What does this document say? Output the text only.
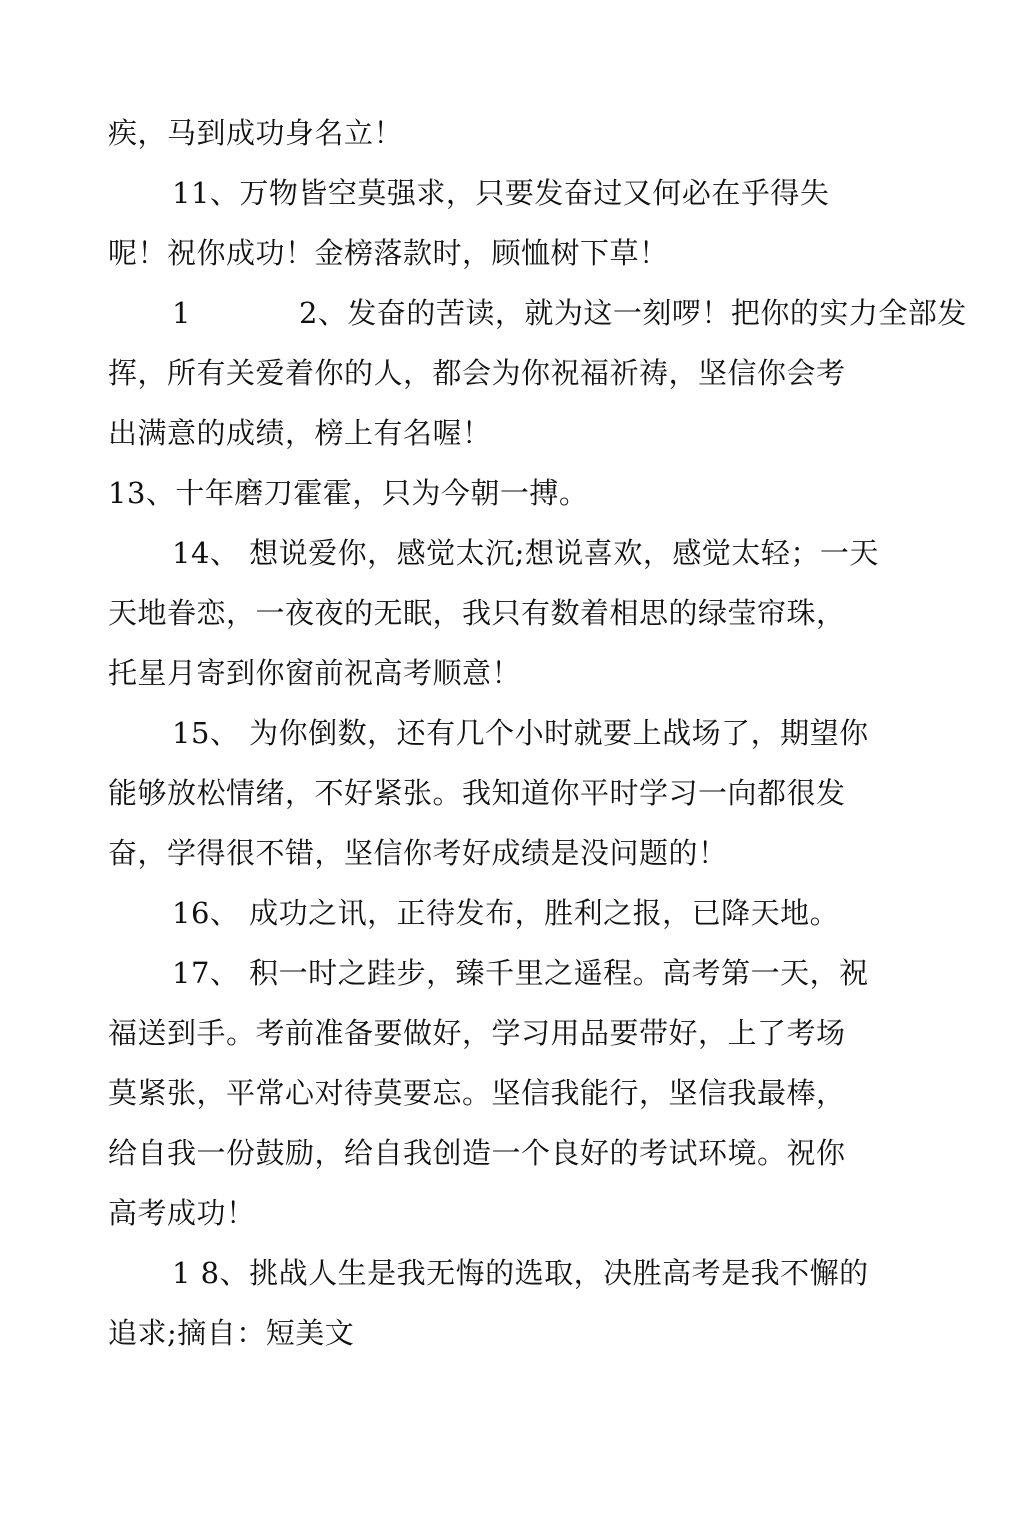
疾，马到成功身名立！
11、万物皆空莫强求，只要发奋过又何必在乎得失
呢！祝你成功！金榜落款时，顾恤树下草！
1	2、发奋的苦读，就为这一刻啰！把你的实力全部发
挥，所有关爱着你的人，都会为你祝福祈祷，坚信你会考
出满意的成绩，榜上有名喔！
13、十年磨刀霍霍，只为今朝一搏。
14、 想说爱你，感觉太沉;想说喜欢，感觉太轻；一天
天地眷恋，一夜夜的无眠，我只有数着相思的绿莹帘珠，
托星月寄到你窗前祝高考顺意！
15、 为你倒数，还有几个小时就要上战场了，期望你
能够放松情绪，不好紧张。我知道你平时学习一向都很发
奋，学得很不错，坚信你考好成绩是没问题的！
16、 成功之讯，正待发布，胜利之报，已降天地。
17、 积一时之跬步，臻千里之遥程。高考第一天，祝
福送到手。考前准备要做好，学习用品要带好，上了考场
莫紧张，平常心对待莫要忘。坚信我能行，坚信我最棒，
给自我一份鼓励，给自我创造一个良好的考试环境。祝你
高考成功！
1 8、挑战人生是我无悔的选取，决胜高考是我不懈的
追求;摘自：短美文
